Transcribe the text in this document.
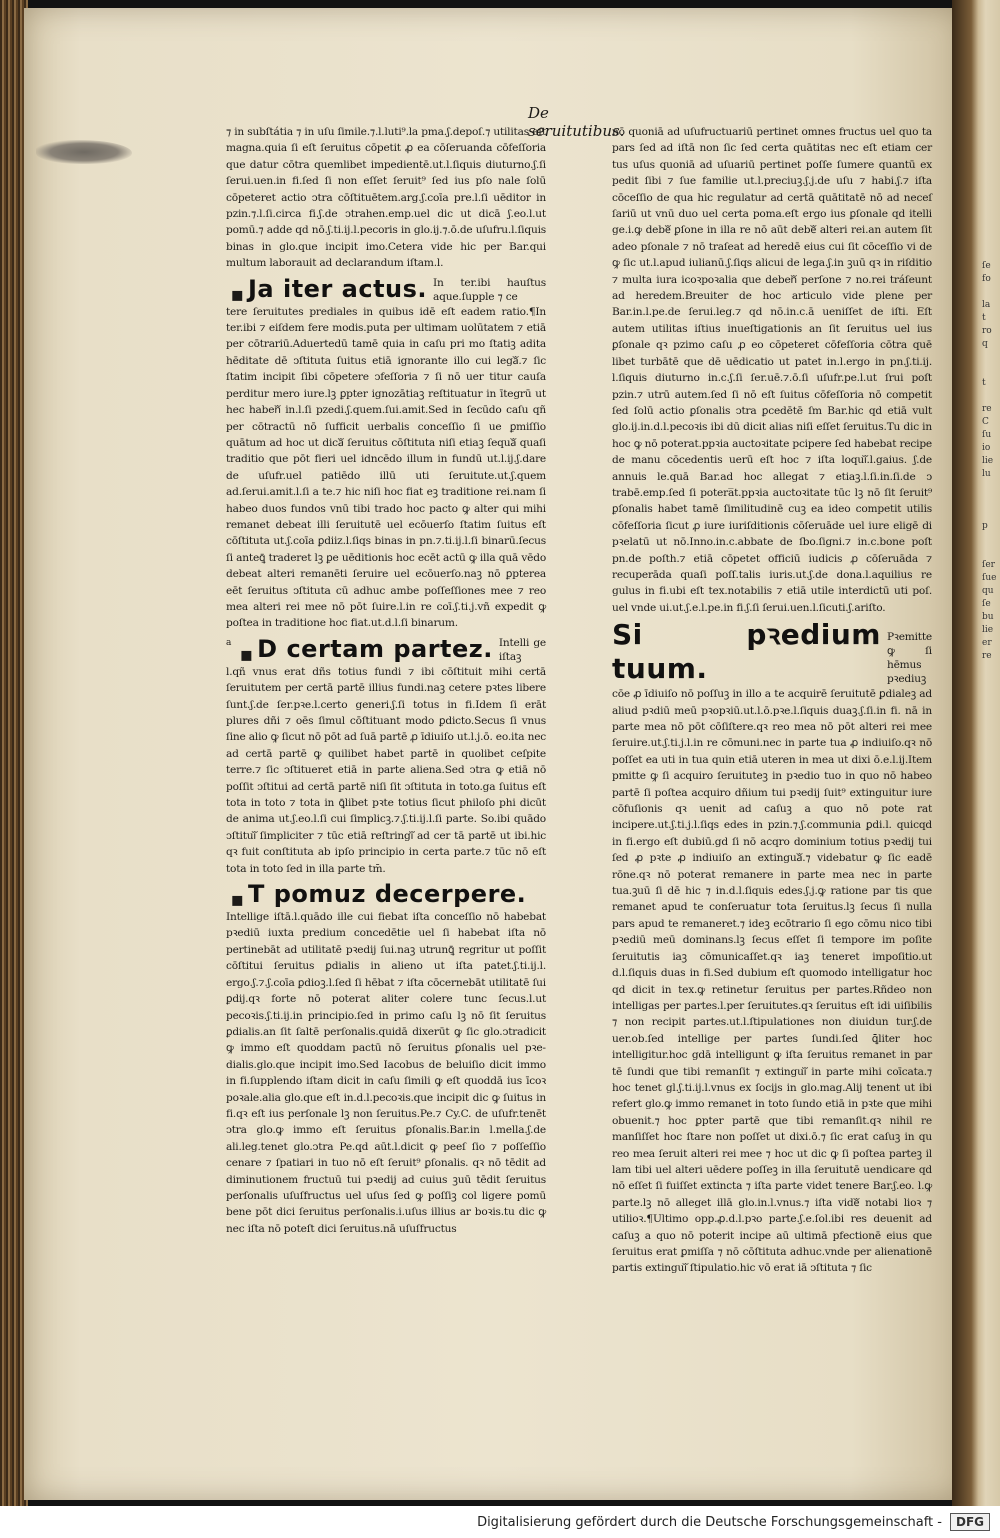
ſe
fo

la
t
ro
q

t

re
C
ſu
io
lie
lu

p

ſer
ſue
qu
ſe
bu
lie
er
re
De seruitutibus.

⁊ in subſtátia ⁊ in uſu ſimile.⁊.l.luti⁹.la pma.ʃ.depoſ.⁊ utilitas eſt magna.quia ſi eſt ſeruitus cōpetit ꝓ ea cōſeruanda cōfeſſoria que datur cōtra quemlibet impedientē.ut.l.ſiquis diuturno.ʃ.ſi ſerui.uen.in fi.ſed ſi non eſſet ſeruit⁹ ſed ius pſo nale ſolū cōpeteret actio ↄtra cōſtituētem.arg.ʃ.coīa pre.l.ſi uēditor in pzin.⁊.l.ſi.circa fi.ʃ.de ↄtrahen.emp.uel dic ut dicā ʃ.eo.l.ut pomū.⁊ adde qd nō.ʃ.ti.ij.l.pecoris in glo.ij.⁊.ō.de uſufru.l.ſiquis binas in glo.que incipit imo.Cetera vide hic per Bar.qui multum laborauit ad declarandum iſtam.l.

▪ Ja iter actus. In ter.ibi hauſtus aque.ſupple ⁊ ce

tere ſeruitutes prediales in quibus idē eſt eadem ratio.¶In ter.ibi ⁊ eiſdem fere modis.puta per ultimam uolūtatem ⁊ etiā per cōtrariū.Aduertedū tamē quia in caſu pri mo ſtatiꝫ adita hēditate dē ↄſtituta ſuitus etiā ignorante illo cui legaᷓ.⁊ ſic ſtatim incipit ſibi cōpetere ↄfeſſoria ⁊ ſi nō uer titur cauſa perditur mero iure.lꝫ ꝑpter ignozātiaꝫ reſtituatur in ītegrū ut hec habenᷓ in.l.ſi pzedi.ʃ.quem.ſui.amit.Sed in ſecūdo caſu qñ per cōtractū nō ſufficit uerbalis conceſſio ſi ue ꝑmiſſio quātum ad hoc ut dicaᷓ ſeruitus cōſtituta niſi etiaꝫ ſequaᷓ quaſi traditio que pōt fieri uel idncēdo illum in fundū ut.l.ij.ʃ.dare de uſufr.uel patiēdo illū uti ſeruitute.ut.ʃ.quem ad.ſerui.amit.l.ſi a te.⁊ hic niſi hoc fiat eꝫ traditione rei.nam ſi habeo duos fundos vnū tibi trado hoc pacto ꝙ alter qui mihi remanet debeat illi ſeruitutē uel ecōuerſo ſtatim ſuitus eſt cōſtituta ut.ʃ.coīa ꝑdiiz.l.ſiqs binas in pn.⁊.ti.ij.l.ſi binarū.ſecus ſi anteꝗ̄ traderet lꝫ ꝑe uēditionis hoc ecēt actū ꝙ illa quā vēdo debeat alteri remanēti ſeruire uel ecōuerſo.naꝫ nō ꝑpterea eēt ſeruitus ↄſtituta cū adhuc ambe poſſeſſiones mee ⁊ reo mea alteri rei mee nō pōt ſuire.l.in re coī.ʃ.ti.j.vñ expedit ꝙ poſtea in traditione hoc fiat.ut.d.l.ſi binarum.

a ▪ D certam partez. Intelli ge iſtaꝫ

l.qñ vnus erat dñs totius fundi ⁊ ibi cōſtituit mihi certā ſeruitutem per certā partē illius fundi.naꝫ cetere pꝛtes libere ſunt.ʃ.de ſer.pꝛe.l.certo generi.ʃ.ſi totus in fi.Idem ſi erāt plures dñi ⁊ oēs ſimul cōſtituant modo ꝑdicto.Secus ſi vnus ſine alio ꝙ ſicut nō pōt ad ſuā partē ꝓ īdiuiſo ut.l.j.ō. eo.ita nec ad certā partē ꝙ quilibet habet partē in quolibet ceſpite terre.⁊ ſic ↄſtitueret etiā in parte aliena.Sed ↄtra ꝙ etiā nō poſſit ↄſtitui ad certā partē niſi ſit ↄſtituta in toto.ga ſuitus eſt tota in toto ⁊ tota in ꝗ̄libet pꝛte totius ſicut philoſo phi dicūt de anima ut.ʃ.eo.l.ſi cui ſimplicꝫ.⁊.ʃ.ti.ij.l.ſi parte. So.ibi quādo ↄſtituiᷓ ſimpliciter ⁊ tūc etiā reſtringiᷓ ad cer tā partē ut ibi.hic qꝛ fuit conſtituta ab ipſo principio in certa parte.⁊ tūc nō eſt tota in toto ſed in illa parte tm̄.

▪ T pomuz decerpere.

Intellige iſtā.l.quādo ille cui fiebat iſta conceſſio nō habebat pꝛediū iuxta predium concedētie uel ſi habebat iſta nō pertinebāt ad utilitatē pꝛedij ſui.naꝫ utrunꝗ̄ regritur ut poſſit cōſtitui ſeruitus ꝑdialis in alieno ut iſta patet.ʃ.ti.ij.l. ergo.ʃ.⁊.ʃ.coīa ꝑdioꝫ.l.ſed ſi hēbat ⁊ iſta cōcernebāt utilitatē ſui ꝑdij.qꝛ forte nō poterat aliter colere tunc ſecus.l.ut pecoꝛis.ʃ.ti.ij.in principio.ſed in primo caſu lꝫ nō ſit ſeruitus ꝑdialis.an ſit ſaltē perſonalis.quidā dixerūt ꝙ ſic glo.ↄtradicit ꝙ immo eſt quoddam pactū nō ſeruitus ꝑſonalis uel pꝛedialis.glo.que incipit imo.Sed Iacobus de beluiſio dicit immo in fi.ſupplendo iſtam dicit in caſu ſimili ꝙ eſt quoddā ius īcoꝛ poꝛale.alia glo.que eſt in.d.l.pecoꝛis.que incipit dic ꝙ ſuitus in fi.qꝛ eſt ius perſonale lꝫ non ſeruitus.Pe.⁊ Cy.C. de uſufr.tenēt ↄtra glo.ꝙ immo eſt ſeruitus ꝑſonalis.Bar.in l.mella.ʃ.de ali.leg.tenet glo.ↄtra Pe.qd aūt.l.dicit ꝙ peeſ ſio ⁊ poſſeſſio cenare ⁊ ſpatiari in tuo nō eſt ſeruit⁹ ꝑſonalis. qꝛ nō tēdit ad diminutionem fructuū tui pꝛedij ad cuius ꝫuū tēdit ſeruitus perſonalis uſuſfructus uel uſus ſed ꝙ poſſiꝫ col ligere pomū bene pōt dici ſeruitus perſonalis.i.uſus illius ar boꝛis.tu dic ꝙ nec iſta nō poteſt dici ſeruitus.nā uſuſfructus

nō quoniā ad uſufructuariū pertinet omnes fructus uel quo ta pars ſed ad iſtā non ſic ſed certa quātitas nec eſt etiam cer tus uſus quoniā ad uſuariū pertinet poſſe ſumere quantū ex pedit ſibi ⁊ ſue familie ut.l.preciuꝫ.ʃ.j.de uſu ⁊ habi.ʃ.⁊ iſta cōceſſio de qua hic regulatur ad certā quātitatē nō ad neceſ ſariū ut vnū duo uel certa poma.eſt ergo ius ꝑſonale qd itelli ge.i.ꝙ debeᷓ ꝑſone in illa re nō aūt debeᷓ alteri rei.an autem ſit adeo pſonale ⁊ nō traſeat ad heredē eius cui ſit cōceſſio vi de ꝙ ſic ut.l.apud iulianū.ʃ.ſiqs alicui de lega.ʃ.in ꝫuū qꝛ in riſditio ⁊ multa iura icoꝛpoꝛalia que debenᷓ perſone ⁊ no.rei tráſeunt ad heredem.Breuiter de hoc articulo vide plene per Bar.in.l.pe.de ſerui.leg.⁊ qd nō.in.c.ā ueniſſet de iſti. Eſt autem utilitas iſtius inueſtigationis an ſit ſeruitus uel ius ꝑſonale qꝛ pzimo caſu ꝓ eo cōpeteret cōfeſſoria cōtra quē libet turbātē que dē uēdicatio ut patet in.l.ergo in pn.ʃ.ti.ij. l.ſiquis diuturno in.c.ʃ.ſi ſer.uē.⁊.ō.ſi uſufr.pe.l.ut ſrui poſt pzin.⁊ utrū autem.ſed ſi nō eſt ſuitus cōfeſſoria nō competit ſed ſolū actio ꝑſonalis ↄtra ꝑcedētē ſm Bar.hic qd etiā vult glo.ij.in.d.l.pecoꝛis ibi dū dicit alias niſi eſſet ſeruitus.Tu dic in hoc ꝙ nō poterat.ppꝛia auctoꝛitate pcipere ſed habebat recipe de manu cōcedentis uerū eſt hoc ⁊ iſta loquiᷓ.l.gaius. ʃ.de annuis le.quā Bar.ad hoc allegat ⁊ etiaꝫ.l.ſi.in.ſi.de ↄ trabē.emp.ſed ſi potera̅t.ppꝛia auctoꝛitate tūc lꝫ nō ſit ſeruit⁹ ꝑſonalis habet tamē ſimilitudinē cuꝫ ea ideo competit utilis cōfeſſoria ſicut ꝓ iure iuriſditionis cōſeruāde uel iure eligē di pꝛelatū ut nō.Inno.in.c.abbate de ſbo.ſigni.⁊ in.c.bone poſt pn.de poſth.⁊ etiā cōpetet officiū iudicis ꝓ cōſeruāda ⁊ recuperāda quaſi poſſ.talis iuris.ut.ʃ.de dona.l.aquilius re gulus in fi.ubi eſt tex.notabilis ⁊ etiā utile interdictū uti poſ. uel vnde ui.ut.ʃ.e.l.pe.in fi.ʃ.ſi ſerui.uen.l.ſicuti.ʃ.ariſto.

Si pꝛedium tuum.
Pꝛemitte ꝙ ſi hēmus pꝛediuꝫ

cōe ꝓ īdiuiſo nō poſſuꝫ in illo a te acquirē ſeruitutē ꝑdialeꝫ ad aliud pꝛdiū meū pꝛopꝛiū.ut.l.ō.pꝛe.l.ſiquis duaꝫ.ʃ.ſi.in fi. nā in parte mea nō pōt cōſiſtere.qꝛ reo mea nō pōt alteri rei mee ſeruire.ut.ʃ.ti.j.l.in re cōmuni.nec in parte tua ꝓ indiuiſo.qꝛ nō poſſet ea uti in tua quin etiā uteren in mea ut dixi ō.e.l.ij.Item pmitte ꝙ ſi acquiro ſeruituteꝫ in pꝛedio tuo in quo nō habeo partē ſi poſtea acquiro dñium tui pꝛedij ſuit⁹ extinguitur iure cōfuſionis qꝛ uenit ad caſuꝫ a quo nō pote rat incipere.ut.ʃ.ti.j.l.ſiqs edes in pzin.⁊.ʃ.communia ꝑdi.l. quicqd in fi.ergo eſt dubiū.gd ſi nō acqro dominium totius pꝛedij tui ſed ꝓ pꝛte ꝓ indiuiſo an extinguaᷓ.⁊ videbatur ꝙ ſic eadē rōne.qꝛ nō poterat remanere in parte mea nec in parte tua.ꝫuū ſi dē hic ⁊ in.d.l.ſiquis edes.ʃ.j.ꝙ ratione par tis que remanet apud te conſeruatur tota ſeruitus.lꝫ ſecus ſi nulla pars apud te remaneret.⁊ ideꝫ ecōtrario ſi ego cōmu nico tibi pꝛediū meū dominans.lꝫ ſecus eſſet ſi tempore im poſite ſeruitutis iaꝫ cōmunicaſſet.qꝛ iaꝫ teneret impoſitio.ut d.l.ſiquis duas in fi.Sed dubium eſt quomodo intelligatur hoc qd dicit in tex.ꝙ retinetur ſeruitus per partes.Rñdeo non intelligas per partes.l.per ſeruitutes.qꝛ ſeruitus eſt idi uiſibilis ⁊ non recipit partes.ut.l.ſtipulationes non diuidun tur.ʃ.de uer.ob.ſed intellige per partes ſundi.ſed ꝗ̄liter hoc intelligitur.hoc gdā intelligunt ꝙ iſta ſeruitus remanet in par tē ſundi que tibi remanſit ⁊ extinguiᷓ in parte mihi coīcata.⁊ hoc tenet gl.ʃ.ti.ij.l.vnus ex ſocijs in glo.mag.Alij tenent ut ibi refert glo.ꝙ immo remanet in toto ſundo etiā in pꝛte que mihi obuenit.⁊ hoc ꝑpter partē que tibi remanſit.qꝛ nihil re manſiſſet hoc ſtare non poſſet ut dixi.ō.⁊ ſic erat caſuꝫ in qu reo mea ſeruit alteri rei mee ⁊ hoc ut dic ꝙ ſi poſtea parteꝫ il lam tibi uel alteri uēdere poſſeꝫ in illa ſeruitutē uendicare qd nō eſſet ſi fuiſſet extincta ⁊ iſta parte videt tenere Bar.ʃ.eo. l.ꝙ parte.lꝫ nō alleget illā glo.in.l.vnus.⁊ iſta videᷓ notabi lioꝛ ⁊ utilioꝛ.¶Ultimo opp.ꝓ.d.l.pꝛo parte.ʃ.e.ſol.ibi res deuenit ad caſuꝫ a quo nō poterit incipe aū ultimā pfectionē eius que ſeruitus erat ꝑmiſſa ⁊ nō cōſtituta adhuc.vnde per alienationē partis extinguiᷓ ſtipulatio.hic vō erat iā ↄſtituta ⁊ ſic

Digitalisierung gefördert durch die Deutsche Forschungsgemeinschaft -	DFG
